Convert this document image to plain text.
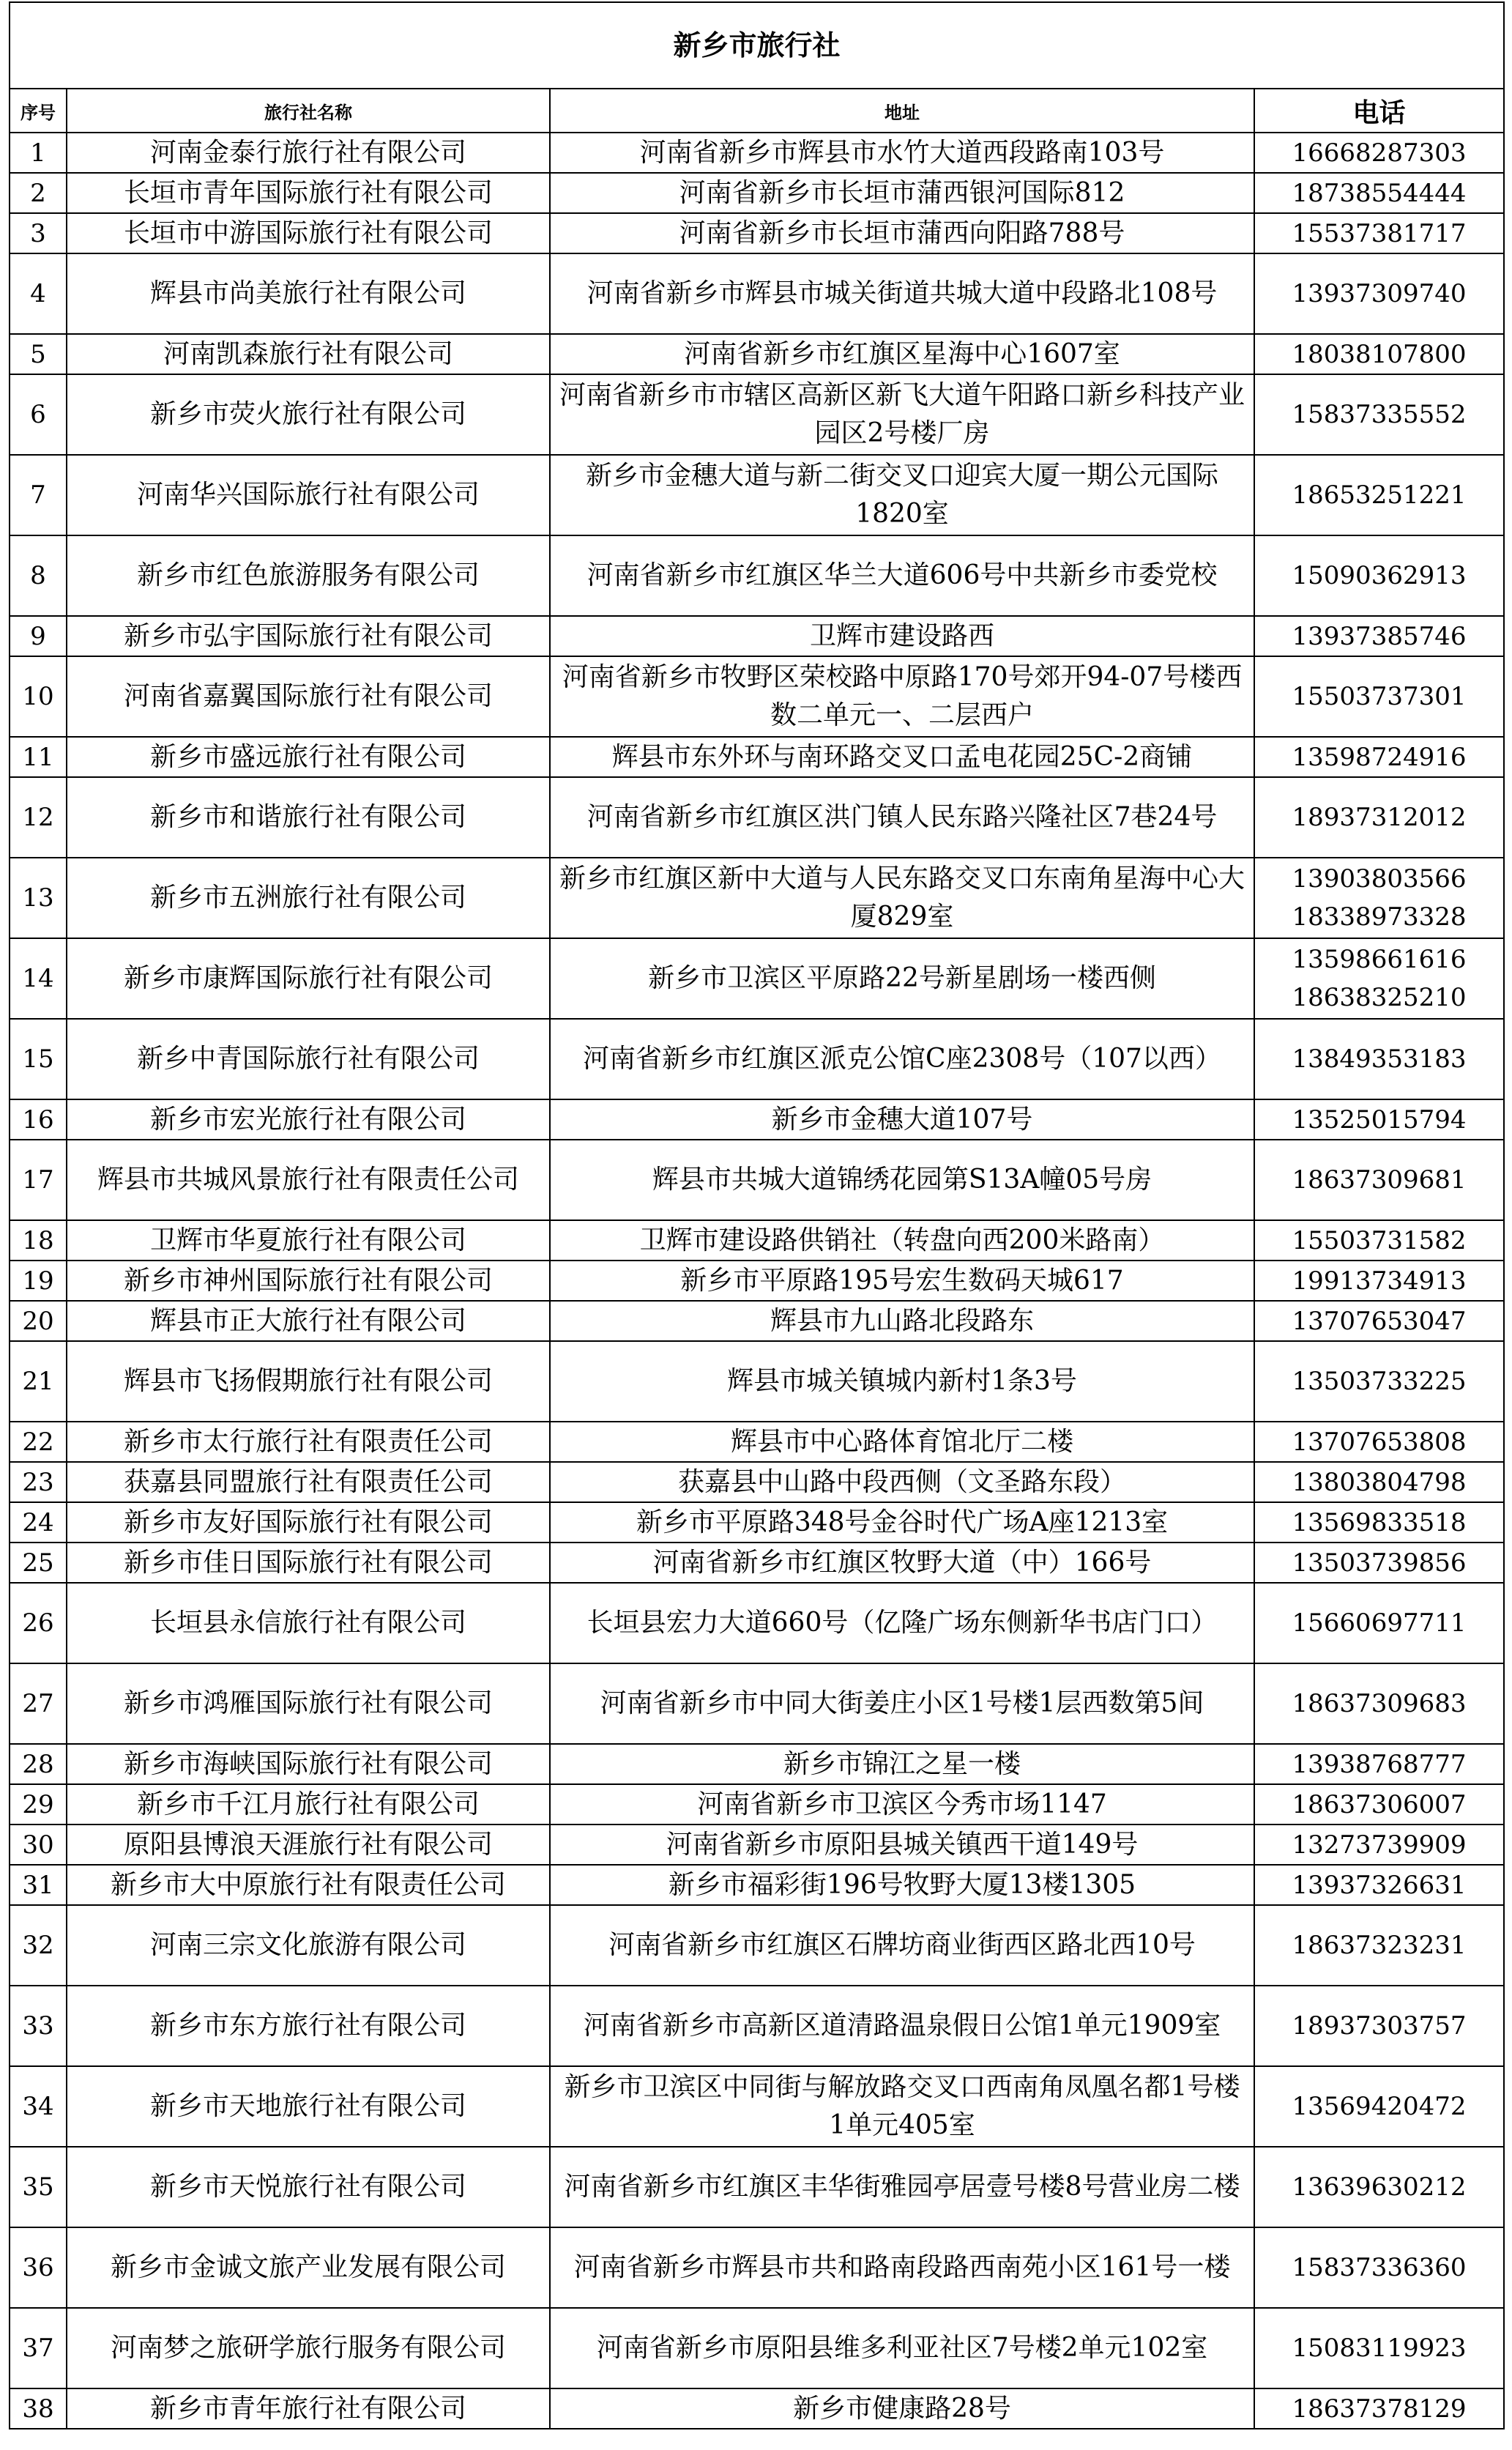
新乡市旅行社			
序号	旅行社名称	地址	电话
1	河南金泰行旅行社有限公司	河南省新乡市辉县市水竹大道西段路南103号	16668287303
2	长垣市青年国际旅行社有限公司	河南省新乡市长垣市蒲西银河国际812	18738554444
3	长垣市中游国际旅行社有限公司	河南省新乡市长垣市蒲西向阳路788号	15537381717
4	辉县市尚美旅行社有限公司	河南省新乡市辉县市城关街道共城大道中段路北108号	13937309740
5	河南凯森旅行社有限公司	河南省新乡市红旗区星海中心1607室	18038107800
6	新乡市荧火旅行社有限公司	河南省新乡市市辖区高新区新飞大道午阳路口新乡科技产业园区2号楼厂房	15837335552
7	河南华兴国际旅行社有限公司	新乡市金穗大道与新二街交叉口迎宾大厦一期公元国际1820室	18653251221
8	新乡市红色旅游服务有限公司	河南省新乡市红旗区华兰大道606号中共新乡市委党校	15090362913
9	新乡市弘宇国际旅行社有限公司	卫辉市建设路西	13937385746
10	河南省嘉翼国际旅行社有限公司	河南省新乡市牧野区荣校路中原路170号郊开94-07号楼西数二单元一、二层西户	15503737301
11	新乡市盛远旅行社有限公司	辉县市东外环与南环路交叉口孟电花园25C-2商铺	13598724916
12	新乡市和谐旅行社有限公司	河南省新乡市红旗区洪门镇人民东路兴隆社区7巷24号	18937312012
13	新乡市五洲旅行社有限公司	新乡市红旗区新中大道与人民东路交叉口东南角星海中心大厦829室	13903803566
18338973328
14	新乡市康辉国际旅行社有限公司	新乡市卫滨区平原路22号新星剧场一楼西侧	13598661616
18638325210
15	新乡中青国际旅行社有限公司	河南省新乡市红旗区派克公馆C座2308号（107以西）	13849353183
16	新乡市宏光旅行社有限公司	新乡市金穗大道107号	13525015794
17	辉县市共城风景旅行社有限责任公司	辉县市共城大道锦绣花园第S13A幢05号房	18637309681
18	卫辉市华夏旅行社有限公司	卫辉市建设路供销社（转盘向西200米路南）	15503731582
19	新乡市神州国际旅行社有限公司	新乡市平原路195号宏生数码天城617	19913734913
20	辉县市正大旅行社有限公司	辉县市九山路北段路东	13707653047
21	辉县市飞扬假期旅行社有限公司	辉县市城关镇城内新村1条3号	13503733225
22	新乡市太行旅行社有限责任公司	辉县市中心路体育馆北厅二楼	13707653808
23	获嘉县同盟旅行社有限责任公司	获嘉县中山路中段西侧（文圣路东段）	13803804798
24	新乡市友好国际旅行社有限公司	新乡市平原路348号金谷时代广场A座1213室	13569833518
25	新乡市佳日国际旅行社有限公司	河南省新乡市红旗区牧野大道（中）166号	13503739856
26	长垣县永信旅行社有限公司	长垣县宏力大道660号（亿隆广场东侧新华书店门口）	15660697711
27	新乡市鸿雁国际旅行社有限公司	河南省新乡市中同大街姜庄小区1号楼1层西数第5间	18637309683
28	新乡市海峡国际旅行社有限公司	新乡市锦江之星一楼	13938768777
29	新乡市千江月旅行社有限公司	河南省新乡市卫滨区今秀市场1147	18637306007
30	原阳县博浪天涯旅行社有限公司	河南省新乡市原阳县城关镇西干道149号	13273739909
31	新乡市大中原旅行社有限责任公司	新乡市福彩街196号牧野大厦13楼1305	13937326631
32	河南三宗文化旅游有限公司	河南省新乡市红旗区石牌坊商业街西区路北西10号	18637323231
33	新乡市东方旅行社有限公司	河南省新乡市高新区道清路温泉假日公馆1单元1909室	18937303757
34	新乡市天地旅行社有限公司	新乡市卫滨区中同街与解放路交叉口西南角凤凰名都1号楼1单元405室	13569420472
35	新乡市天悦旅行社有限公司	河南省新乡市红旗区丰华街雅园亭居壹号楼8号营业房二楼	13639630212
36	新乡市金诚文旅产业发展有限公司	河南省新乡市辉县市共和路南段路西南苑小区161号一楼	15837336360
37	河南梦之旅研学旅行服务有限公司	河南省新乡市原阳县维多利亚社区7号楼2单元102室	15083119923
38	新乡市青年旅行社有限公司	新乡市健康路28号	18637378129
